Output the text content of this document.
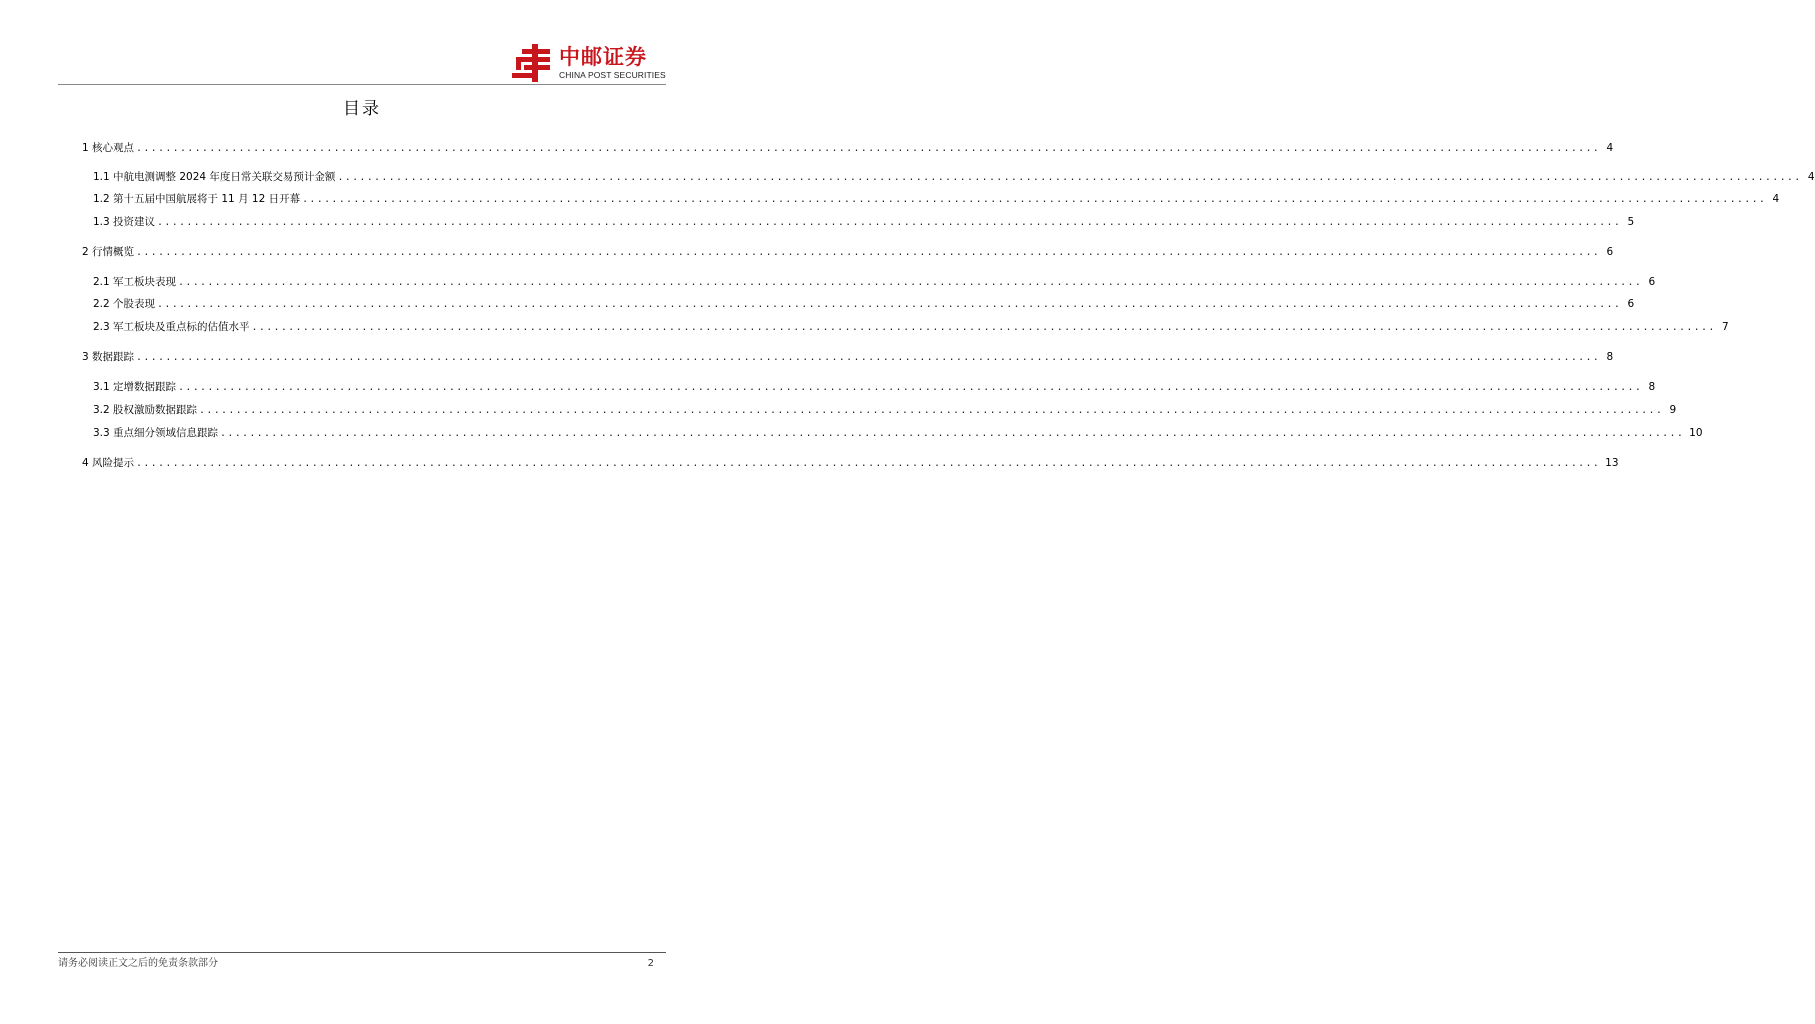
中邮证券
CHINA POST SECURITIES
目录
1 核心观点 ........................................................................................................................................................................................................ 4
1.1 中航电测调整 2024 年度日常关联交易预计金额 ........................................................................................................................................................................................................ 4
1.2 第十五届中国航展将于 11 月 12 日开幕 ........................................................................................................................................................................................................ 4
1.3 投资建议 ........................................................................................................................................................................................................ 5
2 行情概览 ........................................................................................................................................................................................................ 6
2.1 军工板块表现 ........................................................................................................................................................................................................ 6
2.2 个股表现 ........................................................................................................................................................................................................ 6
2.3 军工板块及重点标的估值水平 ........................................................................................................................................................................................................ 7
3 数据跟踪 ........................................................................................................................................................................................................ 8
3.1 定增数据跟踪 ........................................................................................................................................................................................................ 8
3.2 股权激励数据跟踪 ........................................................................................................................................................................................................ 9
3.3 重点细分领域信息跟踪 ........................................................................................................................................................................................................ 10
4 风险提示 ........................................................................................................................................................................................................ 13
请务必阅读正文之后的免责条款部分	2
